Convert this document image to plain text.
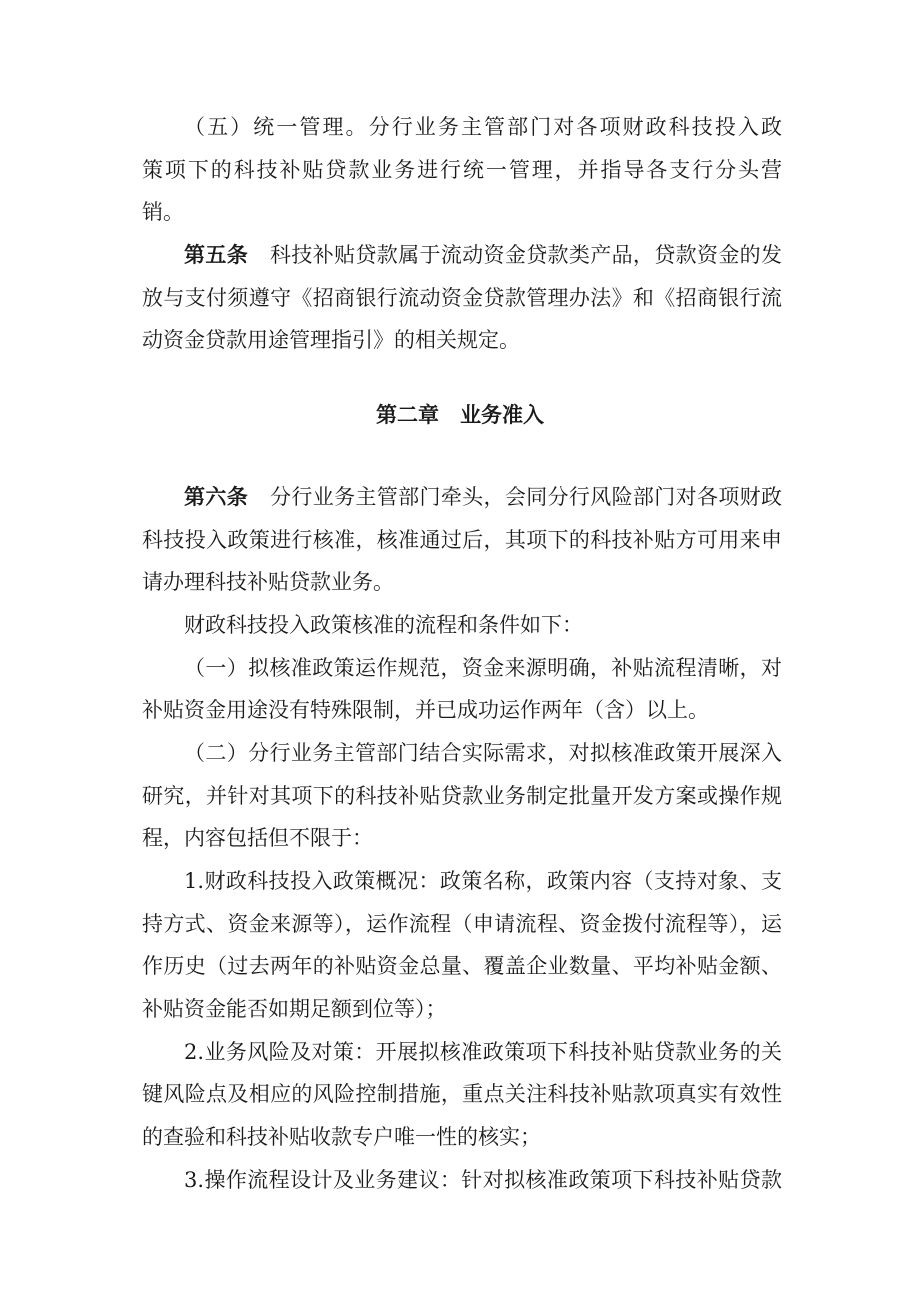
（五）统一管理。分行业务主管部门对各项财政科技投入政
策项下的科技补贴贷款业务进行统一管理，并指导各支行分头营
销。
第五条 科技补贴贷款属于流动资金贷款类产品，贷款资金的发
放与支付须遵守《招商银行流动资金贷款管理办法》和《招商银行流
动资金贷款用途管理指引》的相关规定。
第二章　业务准入
第六条 分行业务主管部门牵头，会同分行风险部门对各项财政
科技投入政策进行核准，核准通过后，其项下的科技补贴方可用来申
请办理科技补贴贷款业务。
财政科技投入政策核准的流程和条件如下：
（一）拟核准政策运作规范，资金来源明确，补贴流程清晰，对
补贴资金用途没有特殊限制，并已成功运作两年（含）以上。
（二）分行业务主管部门结合实际需求，对拟核准政策开展深入
研究，并针对其项下的科技补贴贷款业务制定批量开发方案或操作规
程，内容包括但不限于：
1.财政科技投入政策概况：政策名称，政策内容（支持对象、支
持方式、资金来源等），运作流程（申请流程、资金拨付流程等），运
作历史（过去两年的补贴资金总量、覆盖企业数量、平均补贴金额、
补贴资金能否如期足额到位等）；
2.业务风险及对策：开展拟核准政策项下科技补贴贷款业务的关
键风险点及相应的风险控制措施，重点关注科技补贴款项真实有效性
的查验和科技补贴收款专户唯一性的核实；
3.操作流程设计及业务建议：针对拟核准政策项下科技补贴贷款
